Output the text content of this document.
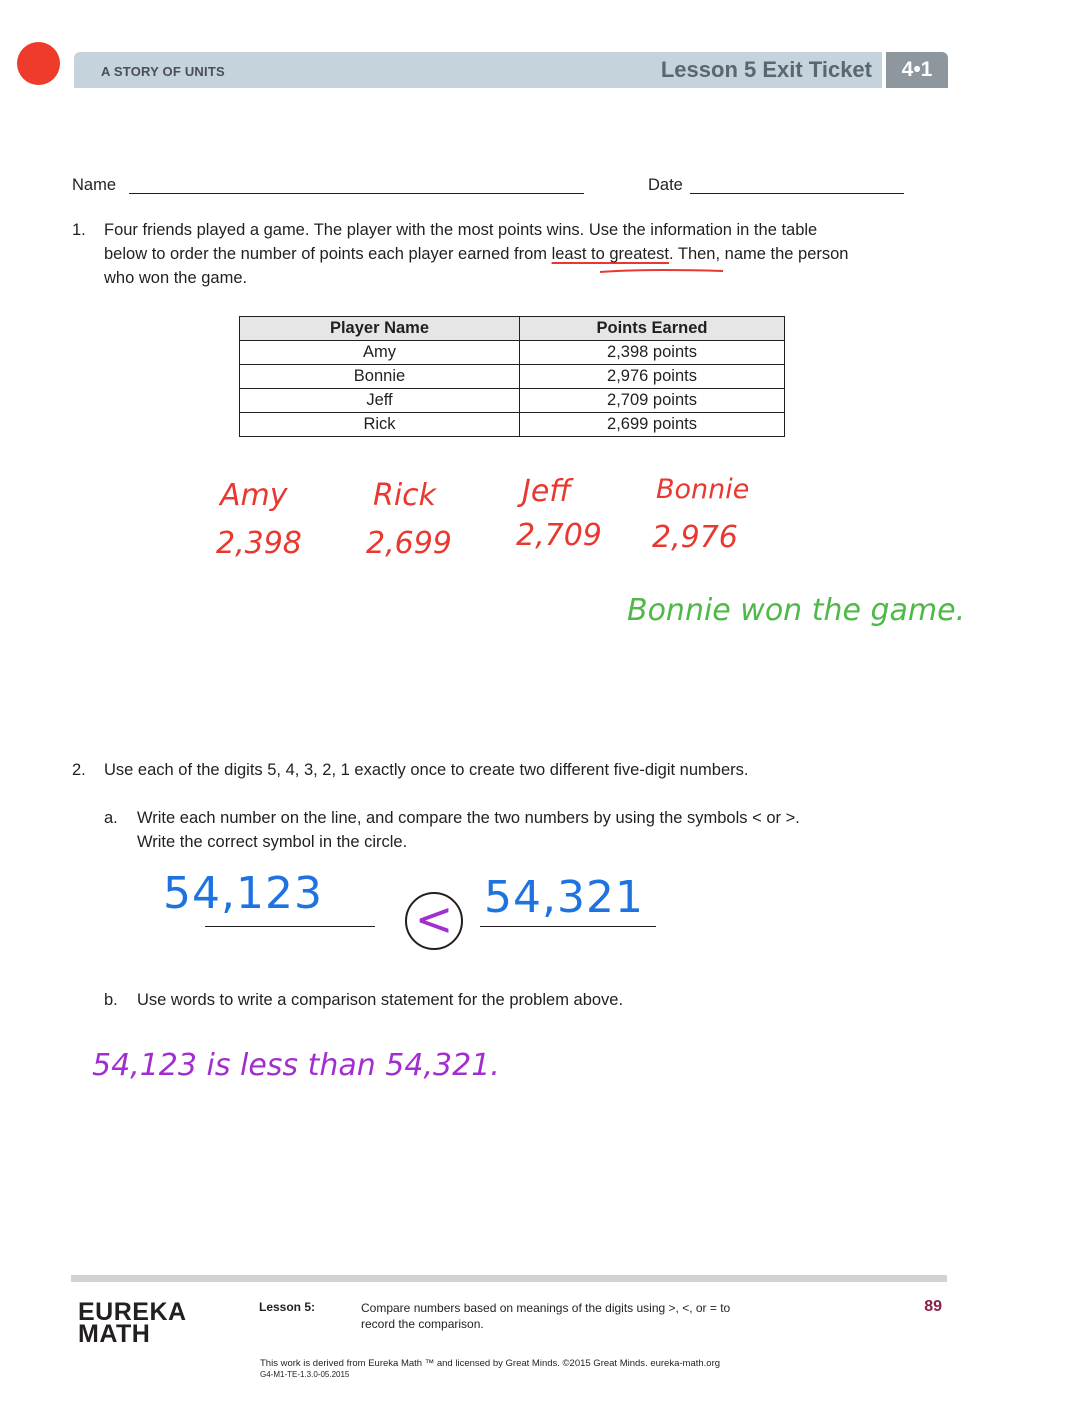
A STORY OF UNITS	Lesson 5 Exit Ticket	4•1
Name	Date
1. Four friends played a game. The player with the most points wins. Use the information in the table
below to order the number of points each player earned from least to greatest. Then, name the person
who won the game.
Player Name	Points Earned
Amy	2,398 points
Bonnie	2,976 points
Jeff	2,709 points
Rick	2,699 points
Amy
2,398
Rick
2,699
Jeff
2,709
Bonnie
2,976
Bonnie won the game.
2. Use each of the digits 5, 4, 3, 2, 1 exactly once to create two different five-digit numbers.
a. Write each number on the line, and compare the two numbers by using the symbols < or >.
Write the correct symbol in the circle.
54,123	54,321
<
b. Use words to write a comparison statement for the problem above.
54,123 is less than 54,321.
EUREKA
MATH
Lesson 5:	Compare numbers based on meanings of the digits using >, <, or = to
record the comparison.
89
This work is derived from Eureka Math ™ and licensed by Great Minds. ©2015 Great Minds. eureka-math.org
G4-M1-TE-1.3.0-05.2015
